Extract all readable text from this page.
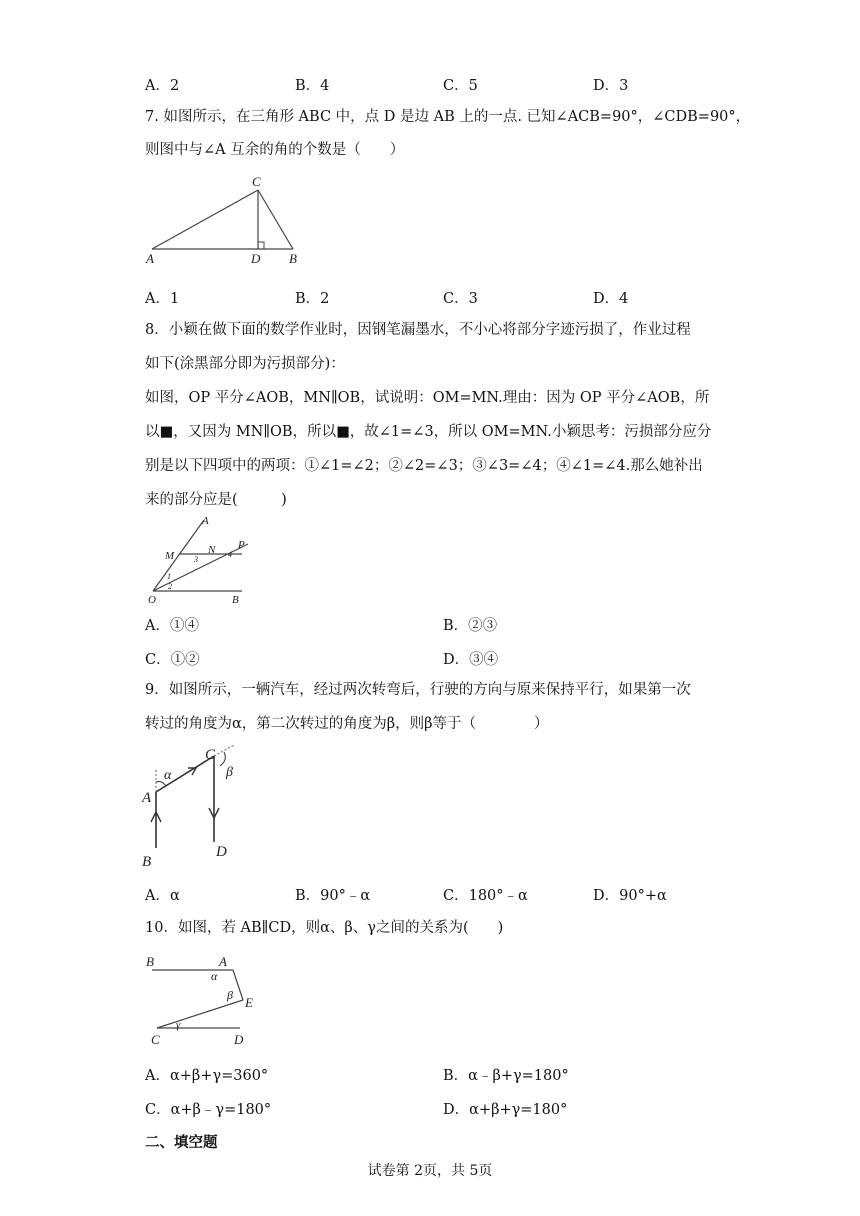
A．2	B．4	C．5	D．3
7. 如图所示，在三角形 ABC 中，点 D 是边 AB 上的一点. 已知∠ACB=90°，∠CDB=90°，
则图中与∠A 互余的角的个数是（　　）
C
A	D B
A．1	B．2	C．3	D．4
8．小颖在做下面的数学作业时，因钢笔漏墨水，不小心将部分字迹污损了，作业过程
如下(涂黑部分即为污损部分)：
如图，OP 平分∠AOB，MN∥OB，试说明：OM=MN.理由：因为 OP 平分∠AOB，所
以■，又因为 MN∥OB，所以■，故∠1=∠3，所以 OM=MN.小颖思考：污损部分应分
别是以下四项中的两项：①∠1=∠2；②∠2=∠3；③∠3=∠4；④∠1=∠4.那么她补出
来的部分应是(　　　)
A
M	N P
O	B
1
2
3
4
A．①④	B．②③
C．①②	D．③④
9．如图所示，一辆汽车，经过两次转弯后，行驶的方向与原来保持平行，如果第一次
转过的角度为α，第二次转过的角度为β，则β等于（　　　　）
α	β
A
C
B
D
A．α	B．90°﹣α	C．180°﹣α	D．90°+α
10．如图，若 AB∥CD，则α、β、γ之间的关系为(　　)
B	A
E
C	D
α
β
γ
A．α+β+γ=360°	B．α﹣β+γ=180°
C．α+β﹣γ=180°	D．α+β+γ=180°
二、填空题
试卷第 2页，共 5页
